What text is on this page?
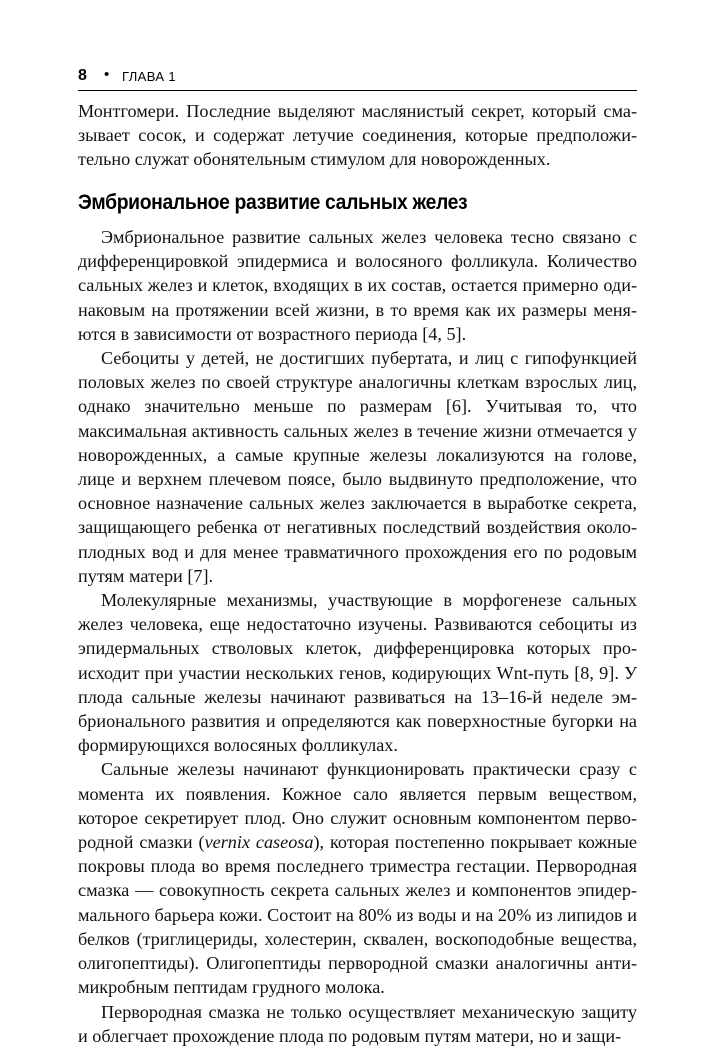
8 • ГЛАВА 1

Монтгомери. Последние выделяют маслянистый секрет, который смазывает сосок, и содержат летучие соединения, которые предположительно служат обонятельным стимулом для новорожденных.

Эмбриональное развитие сальных желез

Эмбриональное развитие сальных желез человека тесно связано с дифференцировкой эпидермиса и волосяного фолликула. Количество сальных желез и клеток, входящих в их состав, остается примерно одинаковым на протяжении всей жизни, в то время как их размеры меняются в зависимости от возрастного периода [4, 5].

Себоциты у детей, не достигших пубертата, и лиц с гипофункцией половых желез по своей структуре аналогичны клеткам взрослых лиц, однако значительно меньше по размерам [6]. Учитывая то, что максимальная активность сальных желез в течение жизни отмечается у новорожденных, а самые крупные железы локализуются на голове, лице и верхнем плечевом поясе, было выдвинуто предположение, что основное назначение сальных желез заключается в выработке секрета, защищающего ребенка от негативных последствий воздействия околоплодных вод и для менее травматичного прохождения его по родовым путям матери [7].

Молекулярные механизмы, участвующие в морфогенезе сальных желез человека, еще недостаточно изучены. Развиваются себоциты из эпидермальных стволовых клеток, дифференцировка которых происходит при участии нескольких генов, кодирующих Wnt-путь [8, 9]. У плода сальные железы начинают развиваться на 13–16-й неделе эмбрионального развития и определяются как поверхностные бугорки на формирующихся волосяных фолликулах.

Сальные железы начинают функционировать практически сразу с момента их появления. Кожное сало является первым веществом, которое секретирует плод. Оно служит основным компонентом первородной смазки (vernix caseosa), которая постепенно покрывает кожные покровы плода во время последнего триместра гестации. Первородная смазка — совокупность секрета сальных желез и компонентов эпидермального барьера кожи. Состоит на 80% из воды и на 20% из липидов и белков (триглицериды, холестерин, сквален, воскоподобные вещества, олигопептиды). Олигопептиды первородной смазки аналогичны антимикробным пептидам грудного молока.

Первородная смазка не только осуществляет механическую защиту и облегчает прохождение плода по родовым путям матери, но и защи-
